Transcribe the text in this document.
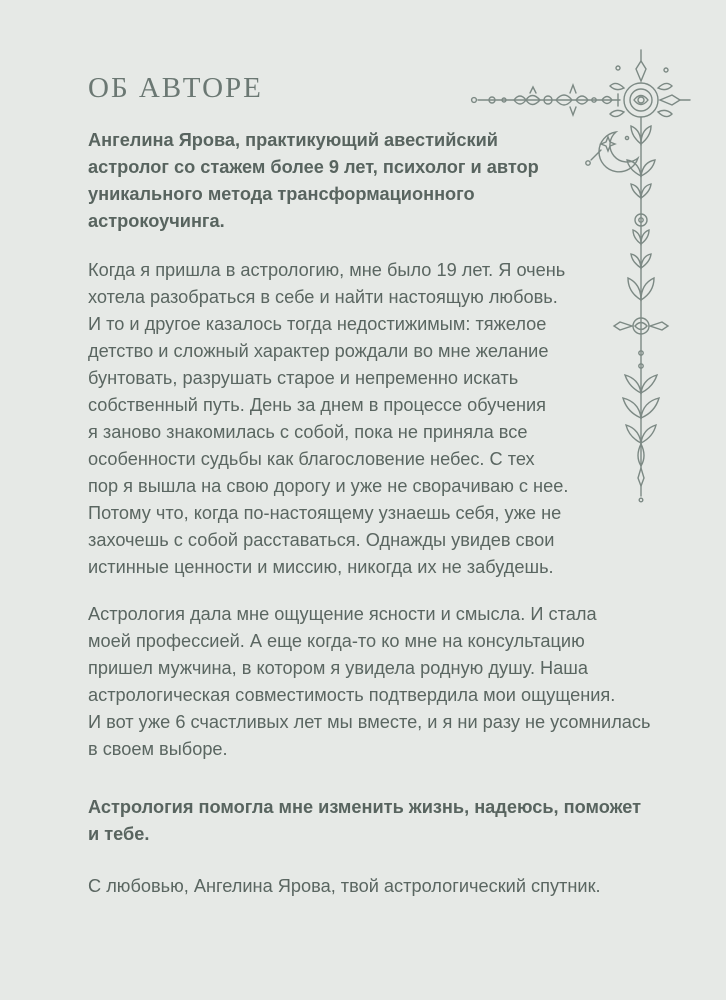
ОБ АВТОРЕ

Ангелина Ярова, практикующий авестийский
астролог со стажем более 9 лет, психолог и автор
уникального метода трансформационного
астрокоучинга.

Когда я пришла в астрологию, мне было 19 лет. Я очень
хотела разобраться в себе и найти настоящую любовь.
И то и другое казалось тогда недостижимым: тяжелое
детство и сложный характер рождали во мне желание
бунтовать, разрушать старое и непременно искать
собственный путь. День за днем в процессе обучения
я заново знакомилась с собой, пока не приняла все
особенности судьбы как благословение небес. С тех
пор я вышла на свою дорогу и уже не сворачиваю с нее.
Потому что, когда по-настоящему узнаешь себя, уже не
захочешь с собой расставаться. Однажды увидев свои
истинные ценности и миссию, никогда их не забудешь.

Астрология дала мне ощущение ясности и смысла. И стала
моей профессией. А еще когда-то ко мне на консультацию
пришел мужчина, в котором я увидела родную душу. Наша
астрологическая совместимость подтвердила мои ощущения.
И вот уже 6 счастливых лет мы вместе, и я ни разу не усомнилась
в своем выборе.

Астрология помогла мне изменить жизнь, надеюсь, поможет
и тебе.

С любовью, Ангелина Ярова, твой астрологический спутник.
